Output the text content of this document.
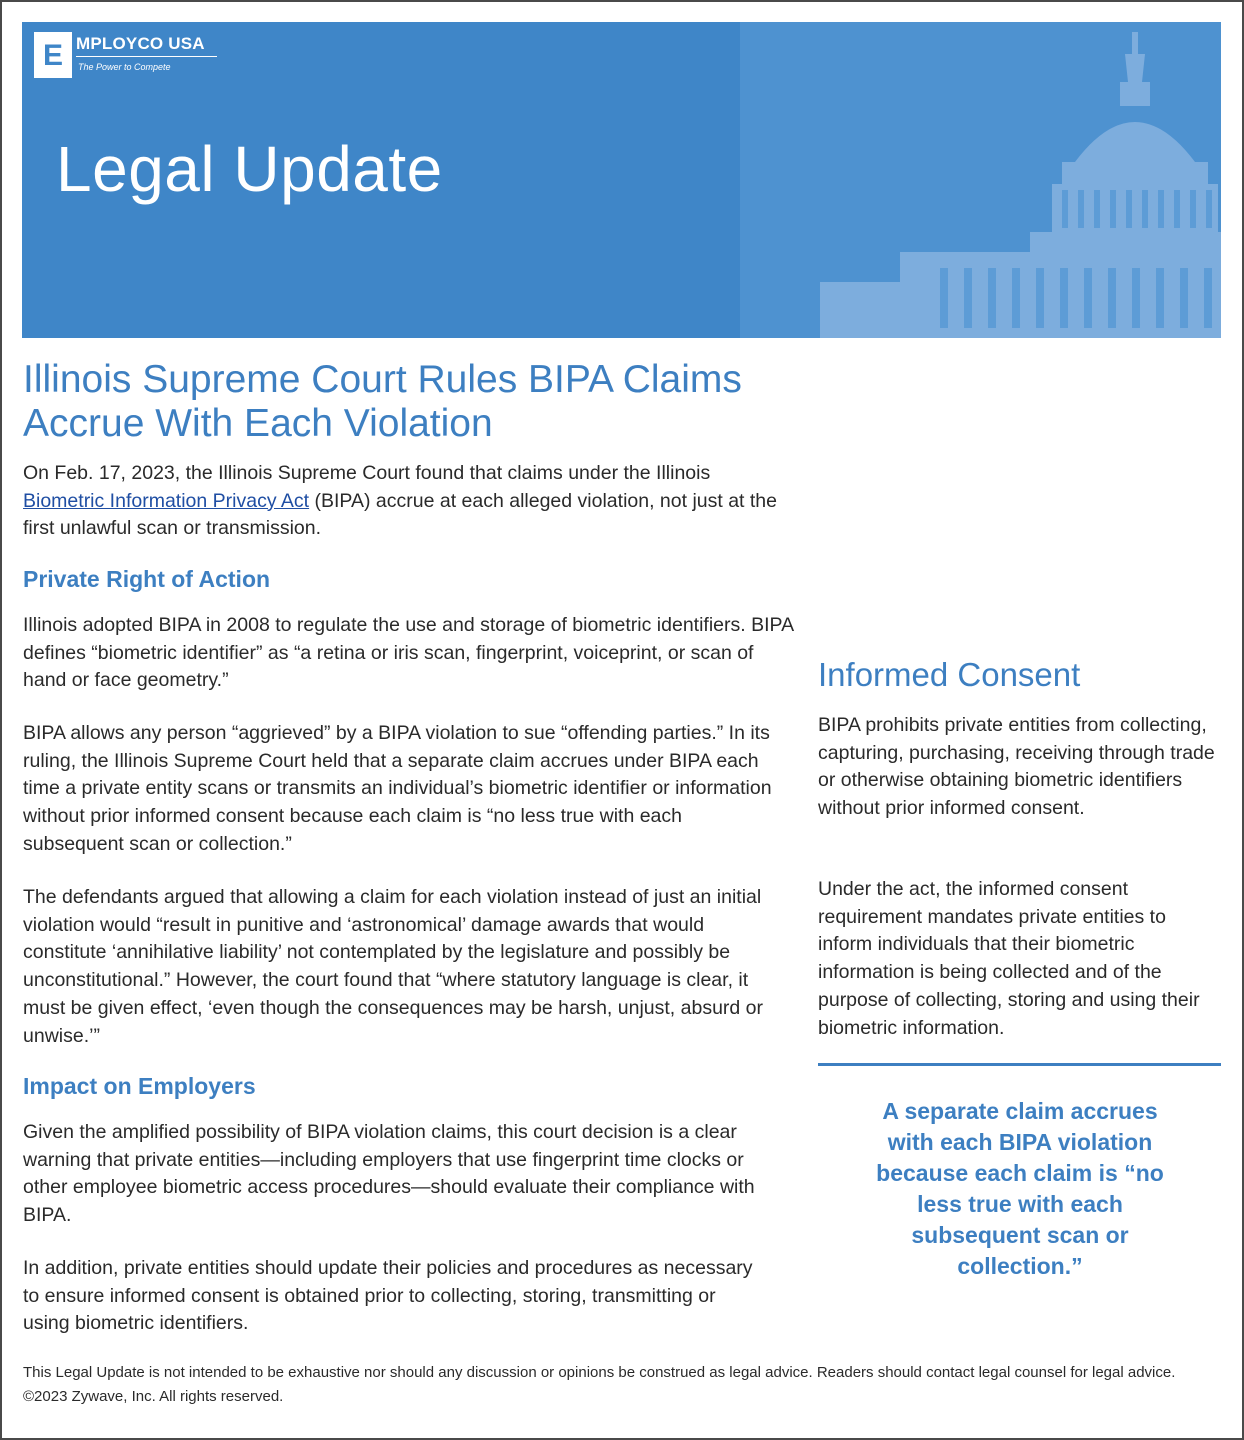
E MPLOYCO USA
The Power to Compete
Legal Update
Illinois Supreme Court Rules BIPA Claims Accrue With Each Violation

On Feb. 17, 2023, the Illinois Supreme Court found that claims under the Illinois Biometric Information Privacy Act (BIPA) accrue at each alleged violation, not just at the first unlawful scan or transmission.

Private Right of Action

Illinois adopted BIPA in 2008 to regulate the use and storage of biometric identifiers. BIPA defines “biometric identifier” as “a retina or iris scan, fingerprint, voiceprint, or scan of hand or face geometry.”

BIPA allows any person “aggrieved” by a BIPA violation to sue “offending parties.” In its ruling, the Illinois Supreme Court held that a separate claim accrues under BIPA each time a private entity scans or transmits an individual’s biometric identifier or information without prior informed consent because each claim is “no less true with each subsequent scan or collection.”

The defendants argued that allowing a claim for each violation instead of just an initial violation would “result in punitive and ‘astronomical’ damage awards that would constitute ‘annihilative liability’ not contemplated by the legislature and possibly be unconstitutional.” However, the court found that “where statutory language is clear, it must be given effect, ‘even though the consequences may be harsh, unjust, absurd or unwise.’”

Impact on Employers

Given the amplified possibility of BIPA violation claims, this court decision is a clear warning that private entities—including employers that use fingerprint time clocks or other employee biometric access procedures—should evaluate their compliance with BIPA.

In addition, private entities should update their policies and procedures as necessary to ensure informed consent is obtained prior to collecting, storing, transmitting or using biometric identifiers.

Informed Consent

BIPA prohibits private entities from collecting, capturing, purchasing, receiving through trade or otherwise obtaining biometric identifiers without prior informed consent.

Under the act, the informed consent requirement mandates private entities to inform individuals that their biometric information is being collected and of the purpose of collecting, storing and using their biometric information.

A separate claim accrues with each BIPA violation because each claim is “no less true with each subsequent scan or collection.”

This Legal Update is not intended to be exhaustive nor should any discussion or opinions be construed as legal advice. Readers should contact legal counsel for legal advice. ©2023 Zywave, Inc. All rights reserved.
